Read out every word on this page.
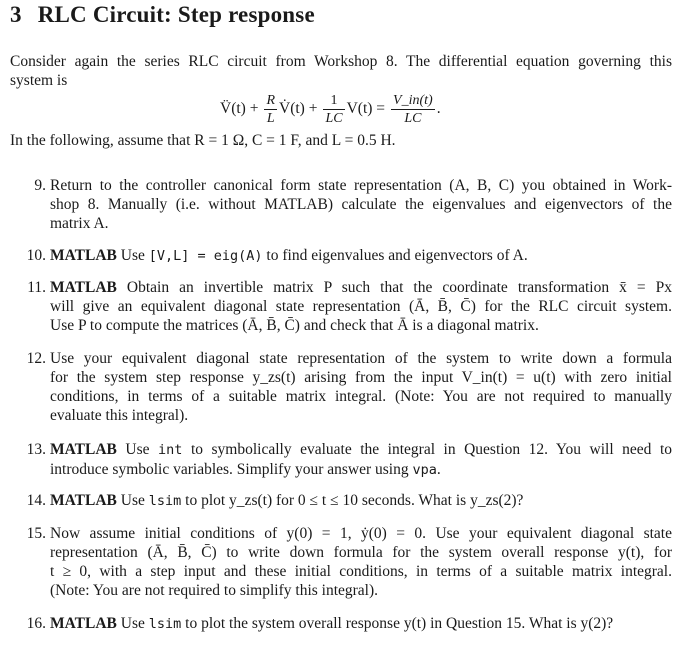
3 RLC Circuit: Step response
Consider again the series RLC circuit from Workshop 8. The differential equation governing this
system is
V̈(t) + $\frac{R}{L}$ V̇(t) + $\frac{1}{LC} V(t) = \frac{V\_in(t)}{LC}$ .
In the following, assume that R = 1 Ω, C = 1 F, and L = 0.5 H.
9. Return to the controller canonical form state representation (A, B, C) you obtained in Work-
shop 8. Manually (i.e. without MATLAB) calculate the eigenvalues and eigenvectors of the
matrix A.
10. MATLAB Use [V,L] = eig(A) to find eigenvalues and eigenvectors of A.
11. MATLAB Obtain an invertible matrix P such that the coordinate transformation x̄ = Px
will give an equivalent diagonal state representation (Ā, B̄, C̄) for the RLC circuit system.
Use P to compute the matrices (Ā, B̄, C̄) and check that Ā is a diagonal matrix.
12. Use your equivalent diagonal state representation of the system to write down a formula
for the system step response y_zs(t) arising from the input V_in(t) = u(t) with zero initial
conditions, in terms of a suitable matrix integral. (Note: You are not required to manually
evaluate this integral).
13. MATLAB Use int to symbolically evaluate the integral in Question 12. You will need to
introduce symbolic variables. Simplify your answer using vpa.
14. MATLAB Use lsim to plot y_zs(t) for 0 ≤ t ≤ 10 seconds. What is y_zs(2)?
15. Now assume initial conditions of y(0) = 1, ẏ(0) = 0. Use your equivalent diagonal state
representation (Ā, B̄, C̄) to write down formula for the system overall response y(t), for
t ≥ 0, with a step input and these initial conditions, in terms of a suitable matrix integral.
(Note: You are not required to simplify this integral).
16. MATLAB Use lsim to plot the system overall response y(t) in Question 15. What is y(2)?
